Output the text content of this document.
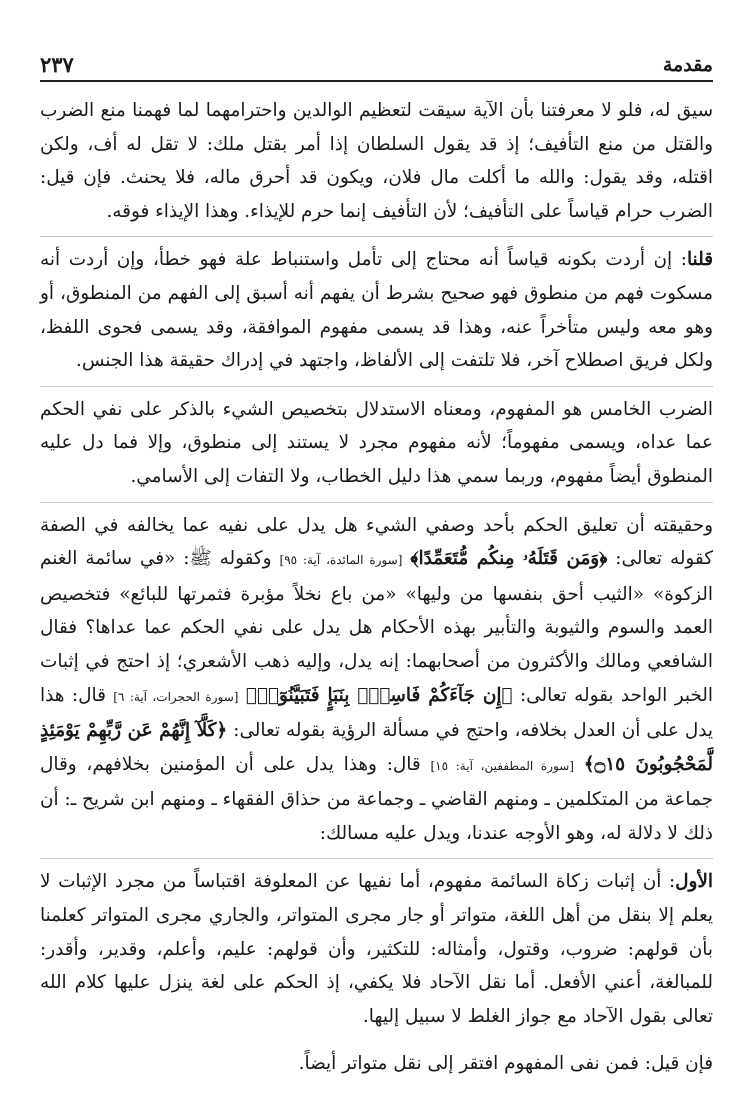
مقدمة
٢٣٧

سيق له، فلو لا معرفتنا بأن الآية سيقت لتعظيم الوالدين واحترامهما لما فهمنا منع الضرب والقتل من منع التأفيف؛ إذ قد يقول السلطان إذا أمر بقتل ملك: لا تقل له أف، ولكن اقتله، وقد يقول: والله ما أكلت مال فلان، ويكون قد أحرق ماله، فلا يحنث. فإن قيل: الضرب حرام قياساً على التأفيف؛ لأن التأفيف إنما حرم للإيذاء. وهذا الإيذاء فوقه.

قلنا: إن أردت بكونه قياساً أنه محتاج إلى تأمل واستنباط علة فهو خطأ، وإن أردت أنه مسكوت فهم من منطوق فهو صحيح بشرط أن يفهم أنه أسبق إلى الفهم من المنطوق، أو وهو معه وليس متأخراً عنه، وهذا قد يسمى مفهوم الموافقة، وقد يسمى فحوى اللفظ، ولكل فريق اصطلاح آخر، فلا تلتفت إلى الألفاظ، واجتهد في إدراك حقيقة هذا الجنس.

الضرب الخامس هو المفهوم، ومعناه الاستدلال بتخصيص الشيء بالذكر على نفي الحكم عما عداه، ويسمى مفهوماً؛ لأنه مفهوم مجرد لا يستند إلى منطوق، وإلا فما دل عليه المنطوق أيضاً مفهوم، وربما سمي هذا دليل الخطاب، ولا التفات إلى الأسامي.

وحقيقته أن تعليق الحكم بأحد وصفي الشيء هل يدل على نفيه عما يخالفه في الصفة كقوله تعالى: ﴿وَمَن قَتَلَهُۥ مِنكُم مُّتَعَمِّدًا﴾ [سورة المائدة، آية: ٩٥] وكقوله ﷺ: «في سائمة الغنم الزكوة» «الثيب أحق بنفسها من وليها» «من باع نخلاً مؤبرة فثمرتها للبائع» فتخصيص العمد والسوم والثيوبة والتأبير بهذه الأحكام هل يدل على نفي الحكم عما عداها؟ فقال الشافعي ومالك والأكثرون من أصحابهما: إنه يدل، وإليه ذهب الأشعري؛ إذ احتج في إثبات الخبر الواحد بقوله تعالى: ﴿إِن جَآءَكُمْ فَاسِقٌۢ بِنَبَإٍ فَتَبَيَّنُوٓا۟﴾ [سورة الحجرات، آية: ٦] قال: هذا يدل على أن العدل بخلافه، واحتج في مسألة الرؤية بقوله تعالى: ﴿كَلَّآ إِنَّهُمْ عَن رَّبِّهِمْ يَوْمَئِذٍ لَّمَحْجُوبُونَ ۝١٥﴾ [سورة المطففين، آية: ١٥] قال: وهذا يدل على أن المؤمنين بخلافهم، وقال جماعة من المتكلمين ـ ومنهم القاضي ـ وجماعة من حذاق الفقهاء ـ ومنهم ابن شريح ـ: أن ذلك لا دلالة له، وهو الأوجه عندنا، ويدل عليه مسالك:

الأول: أن إثبات زكاة السائمة مفهوم، أما نفيها عن المعلوفة اقتباساً من مجرد الإثبات لا يعلم إلا بنقل من أهل اللغة، متواتر أو جار مجرى المتواتر، والجاري مجرى المتواتر كعلمنا بأن قولهم: ضروب، وقتول، وأمثاله: للتكثير، وأن قولهم: عليم، وأعلم، وقدير، وأقدر: للمبالغة، أعني الأفعل. أما نقل الآحاد فلا يكفي، إذ الحكم على لغة ينزل عليها كلام الله تعالى بقول الآحاد مع جواز الغلط لا سبيل إليها.

فإن قيل: فمن نفى المفهوم افتقر إلى نقل متواتر أيضاً.
